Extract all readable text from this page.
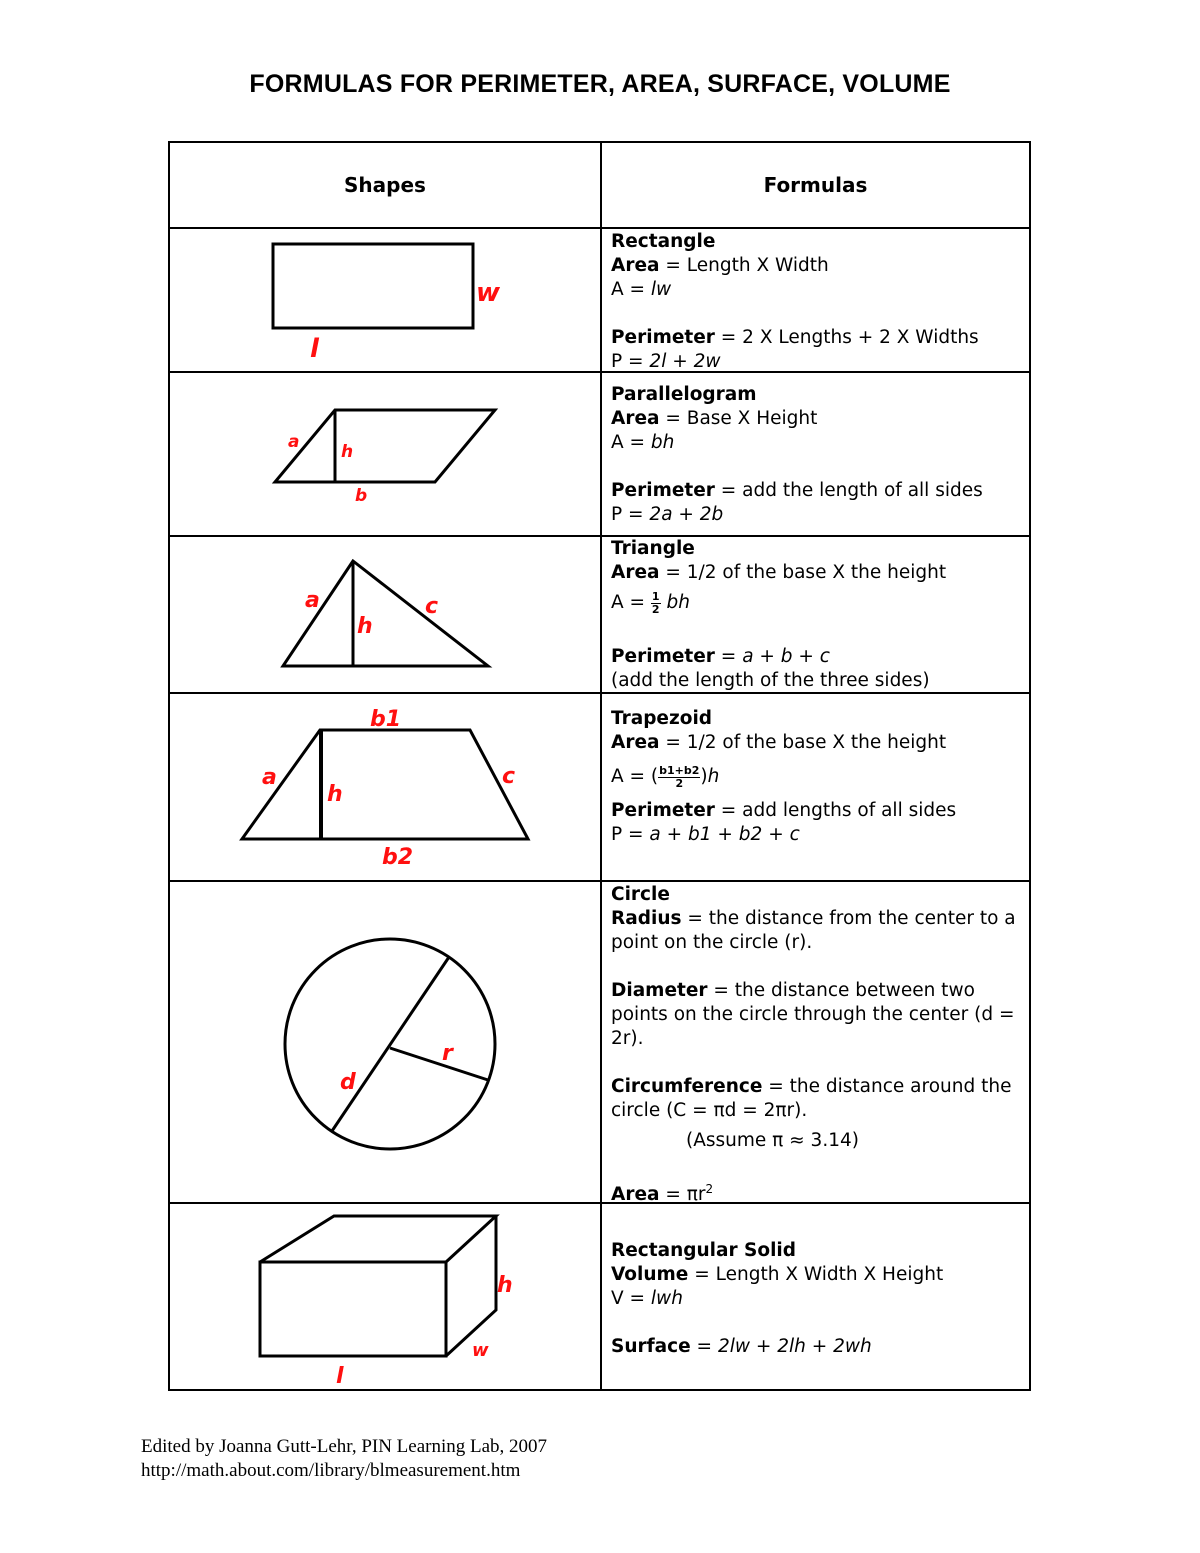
FORMULAS FOR PERIMETER, AREA, SURFACE, VOLUME
Shapes	Formulas
w
l

Rectangle

Area = Length X Width

A = lw

Perimeter = 2 X Lengths + 2 X Widths

P = 2l + 2w

a h
b

Parallelogram

Area = Base X Height

A = bh

Perimeter = add the length of all sides

P = 2a + 2b

a
h
c

Triangle

Area = 1/2 of the base X the height

$A = \frac{1}{2}$ bh

Perimeter = a + b + c

(add the length of the three sides)

b1
a
h
c
b2

Trapezoid

Area = 1/2 of the base X the height

A = ( $\frac{b1+b2}{2} )h$

Perimeter = add lengths of all sides

P = a + b1 + b2 + c

r
d

Circle

Radius = the distance from the center to a point on the circle (r).

Diameter = the distance between two points on the circle through the center (d = 2r).

Circumference = the distance around the circle (C = πd = 2πr).

(Assume π ≈ 3.14)

Area = $\pi r^2$

h
w
l

Rectangular Solid

Volume = Length X Width X Height

V = lwh

Surface = 2lw + 2lh + 2wh

Edited by Joanna Gutt-Lehr, PIN Learning Lab, 2007
http://math.about.com/library/blmeasurement.htm
